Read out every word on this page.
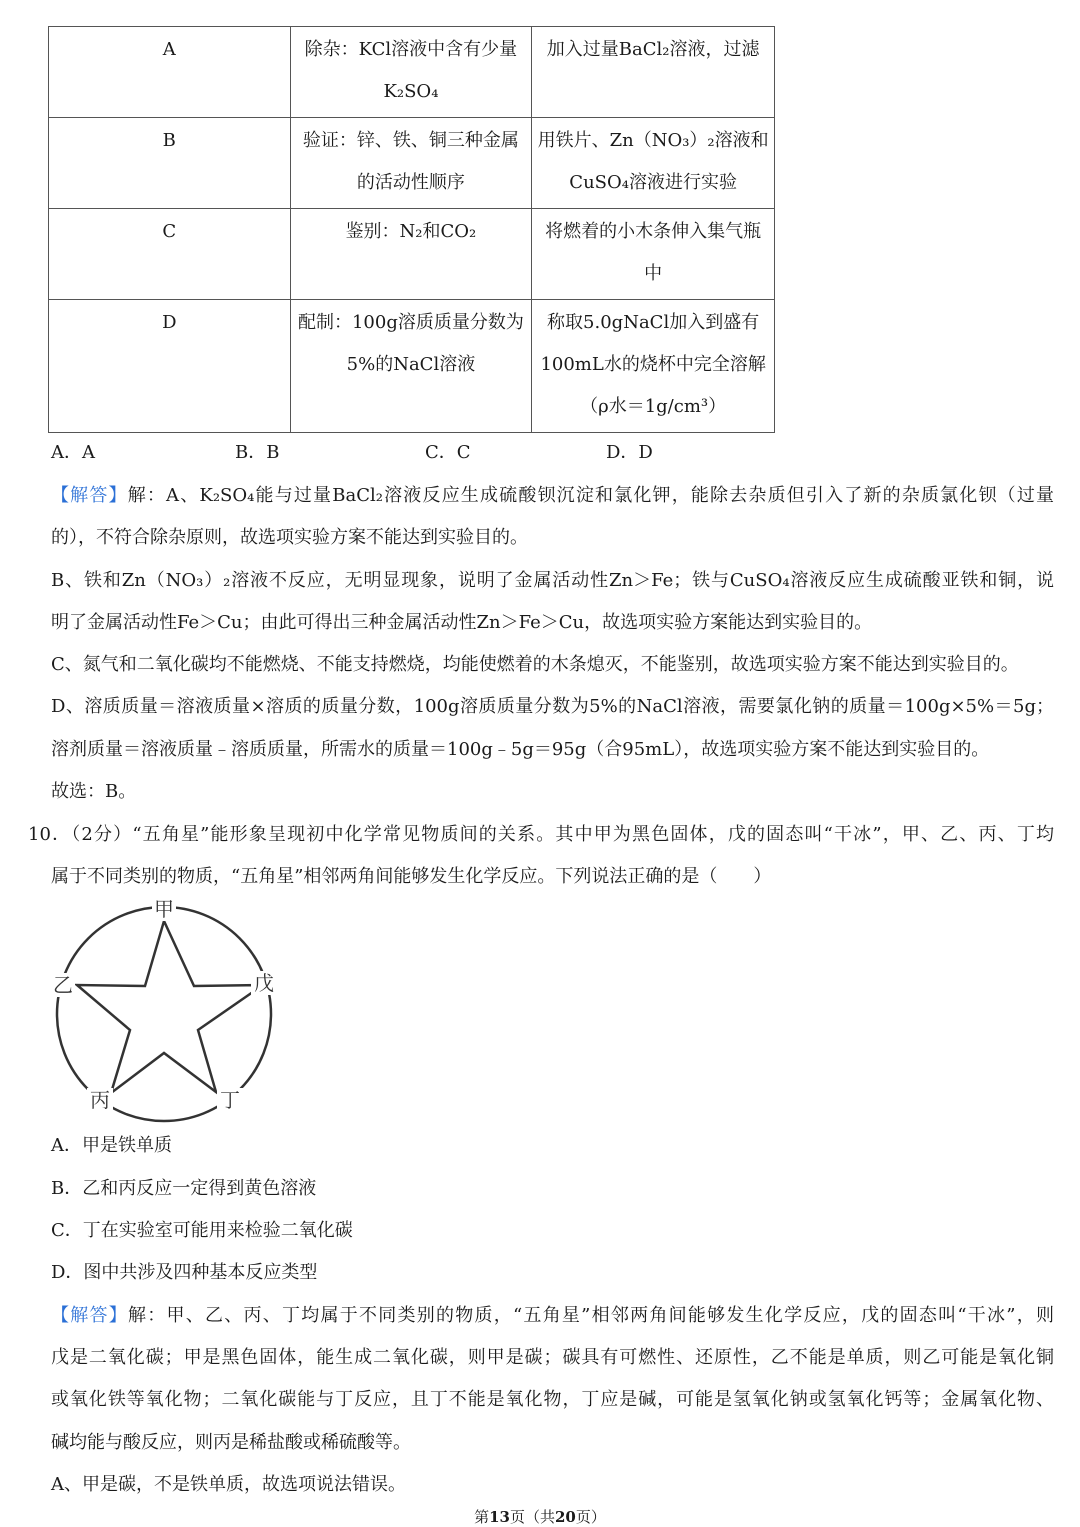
A	除杂：KCl溶液中含有少量K₂SO₄	加入过量BaCl₂溶液，过滤
B	验证：锌、铁、铜三种金属的活动性顺序	用铁片、Zn（NO₃）₂溶液和CuSO₄溶液进行实验
C	鉴别：N₂和CO₂	将燃着的小木条伸入集气瓶中
D	配制：100g溶质质量分数为5%的NaCl溶液	称取5.0gNaCl加入到盛有100mL水的烧杯中完全溶解（ρ水＝1g/cm³）
A．A	B．B	C．C	D．D
【解答】解：A、K₂SO₄能与过量BaCl₂溶液反应生成硫酸钡沉淀和氯化钾，能除去杂质但引入了新的杂质氯化钡（过量
的），不符合除杂原则，故选项实验方案不能达到实验目的。
B、铁和Zn（NO₃）₂溶液不反应，无明显现象，说明了金属活动性Zn＞Fe；铁与CuSO₄溶液反应生成硫酸亚铁和铜，说
明了金属活动性Fe＞Cu；由此可得出三种金属活动性Zn＞Fe＞Cu，故选项实验方案能达到实验目的。
C、氮气和二氧化碳均不能燃烧、不能支持燃烧，均能使燃着的木条熄灭，不能鉴别，故选项实验方案不能达到实验目的。
D、溶质质量＝溶液质量×溶质的质量分数，100g溶质质量分数为5%的NaCl溶液，需要氯化钠的质量＝100g×5%＝5g；
溶剂质量＝溶液质量﹣溶质质量，所需水的质量＝100g﹣5g＝95g（合95mL），故选项实验方案不能达到实验目的。
故选：B。
10．（2分）“五角星”能形象呈现初中化学常见物质间的关系。其中甲为黑色固体，戊的固态叫“干冰”，甲、乙、丙、丁均
属于不同类别的物质，“五角星”相邻两角间能够发生化学反应。下列说法正确的是（　　）
甲
乙	戊
丙	丁
A．甲是铁单质
B．乙和丙反应一定得到黄色溶液
C．丁在实验室可能用来检验二氧化碳
D．图中共涉及四种基本反应类型
【解答】解：甲、乙、丙、丁均属于不同类别的物质，“五角星”相邻两角间能够发生化学反应，戊的固态叫“干冰”，则
戊是二氧化碳；甲是黑色固体，能生成二氧化碳，则甲是碳；碳具有可燃性、还原性，乙不能是单质，则乙可能是氧化铜
或氧化铁等氧化物；二氧化碳能与丁反应，且丁不能是氧化物，丁应是碱，可能是氢氧化钠或氢氧化钙等；金属氧化物、
碱均能与酸反应，则丙是稀盐酸或稀硫酸等。
A、甲是碳，不是铁单质，故选项说法错误。
第13页（共20页）
